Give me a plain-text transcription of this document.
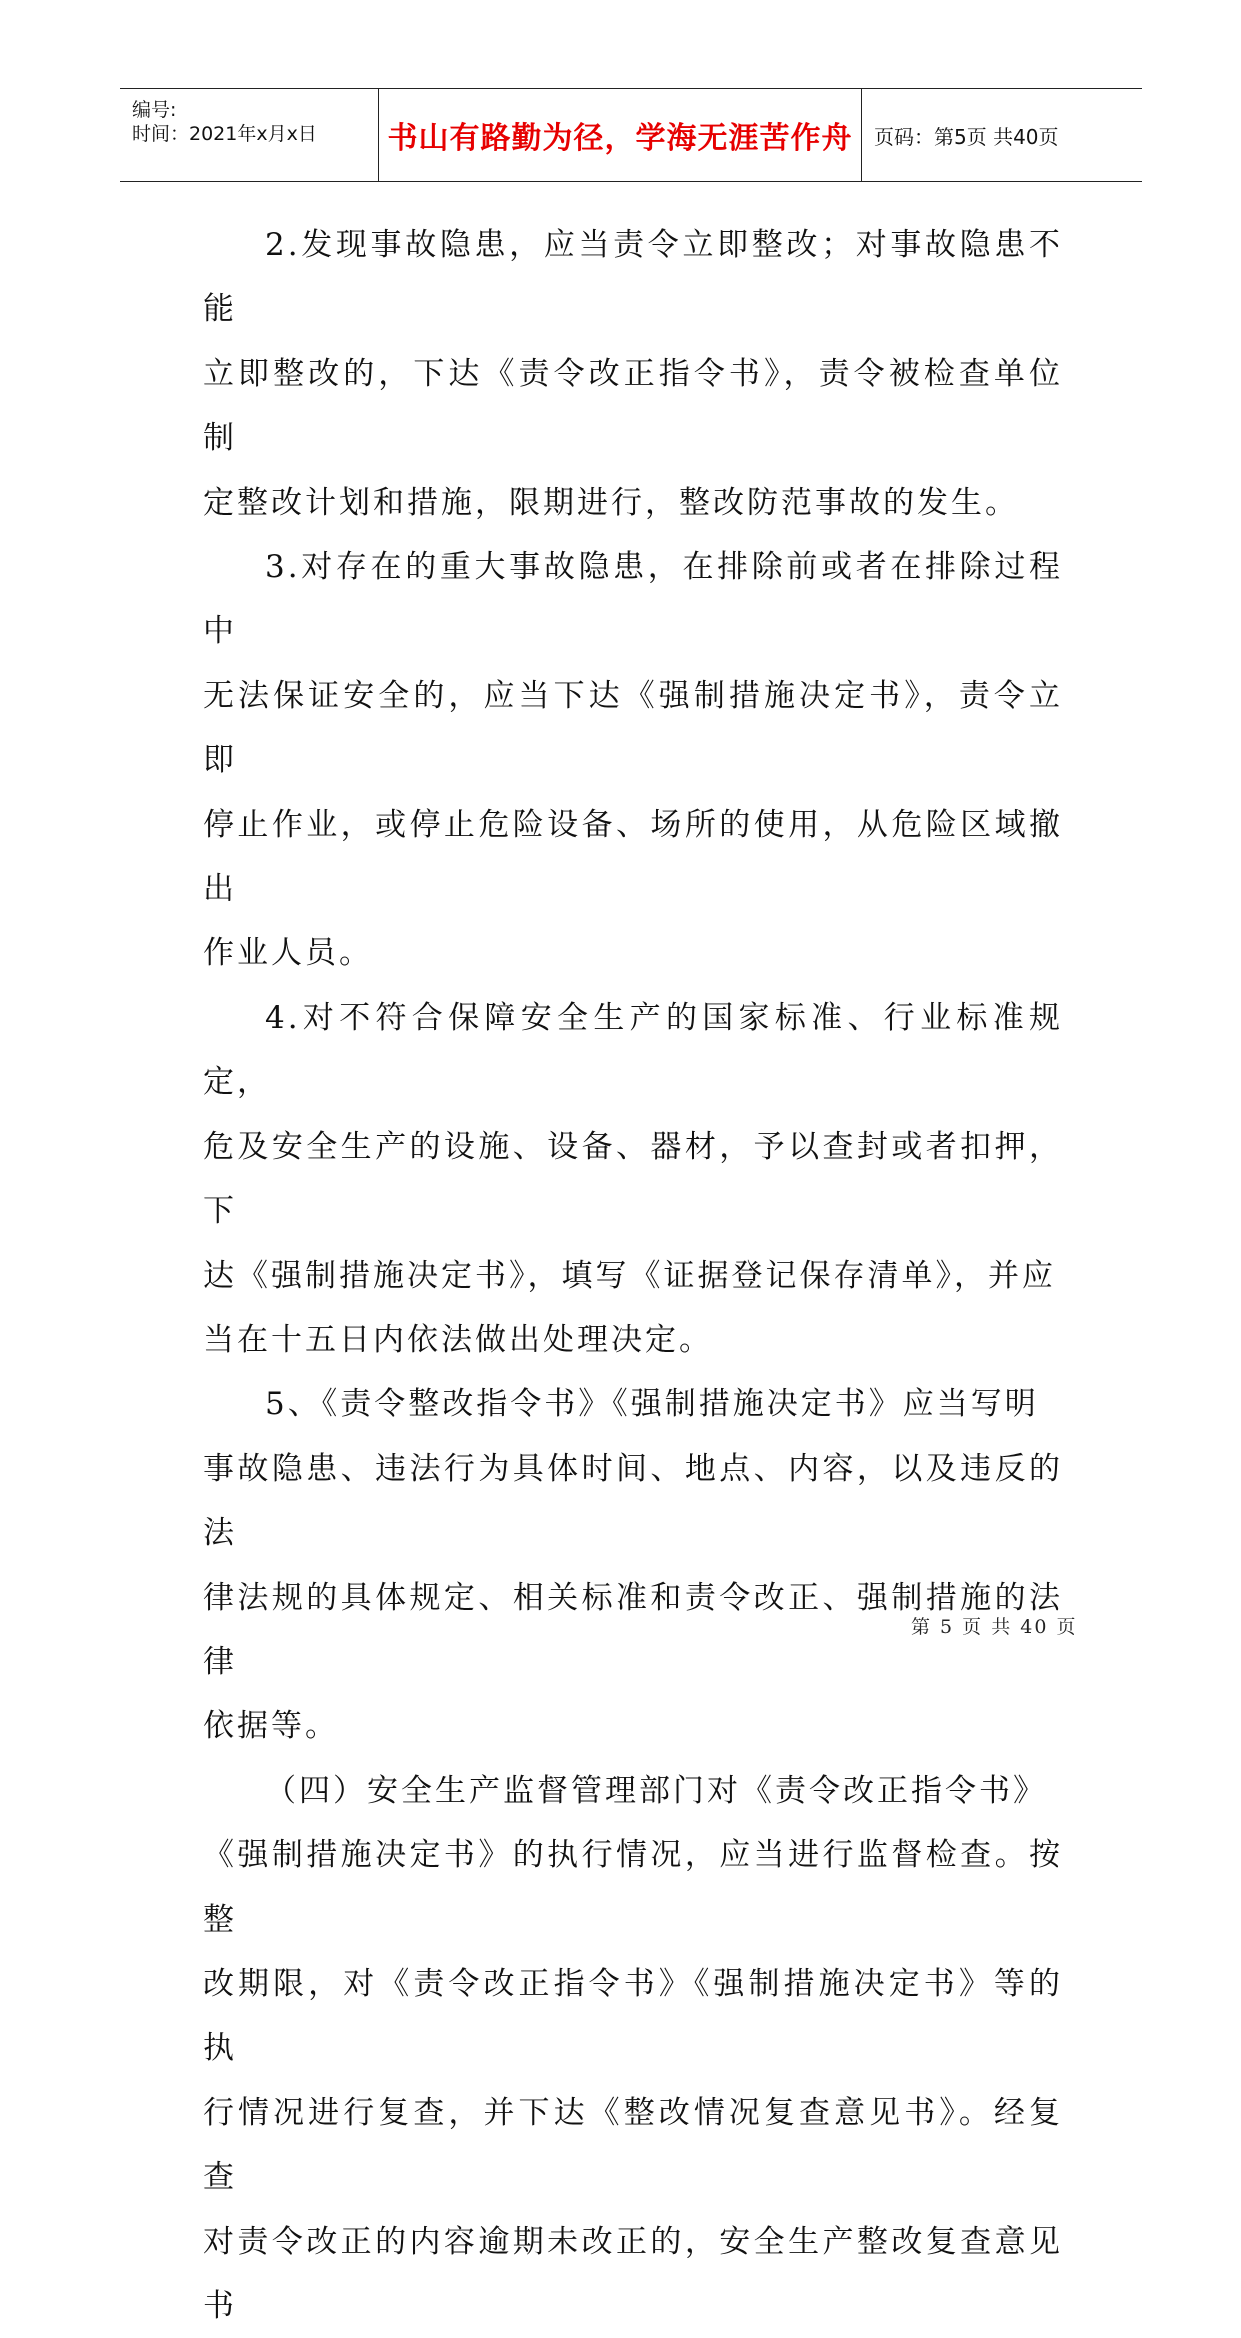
编号:
时间：2021年x月x日 书山有路勤为径，学海无涯苦作舟 页码：第5页 共40页
2.发现事故隐患，应当责令立即整改；对事故隐患不能
立即整改的，下达《责令改正指令书》，责令被检查单位制
定整改计划和措施，限期进行，整改防范事故的发生。
3.对存在的重大事故隐患，在排除前或者在排除过程中
无法保证安全的，应当下达《强制措施决定书》，责令立即
停止作业，或停止危险设备、场所的使用，从危险区域撤出
作业人员。
4.对不符合保障安全生产的国家标准、行业标准规定，
危及安全生产的设施、设备、器材，予以查封或者扣押，下
达《强制措施决定书》，填写《证据登记保存清单》，并应
当在十五日内依法做出处理决定。
5、《责令整改指令书》《强制措施决定书》应当写明
事故隐患、违法行为具体时间、地点、内容，以及违反的法
律法规的具体规定、相关标准和责令改正、强制措施的法律
依据等。
（四）安全生产监督管理部门对《责令改正指令书》
《强制措施决定书》的执行情况，应当进行监督检查。按整
改期限，对《责令改正指令书》《强制措施决定书》等的执
行情况进行复查，并下达《整改情况复查意见书》。经复查
对责令改正的内容逾期未改正的，安全生产整改复查意见书
第 5 页 共 40 页
